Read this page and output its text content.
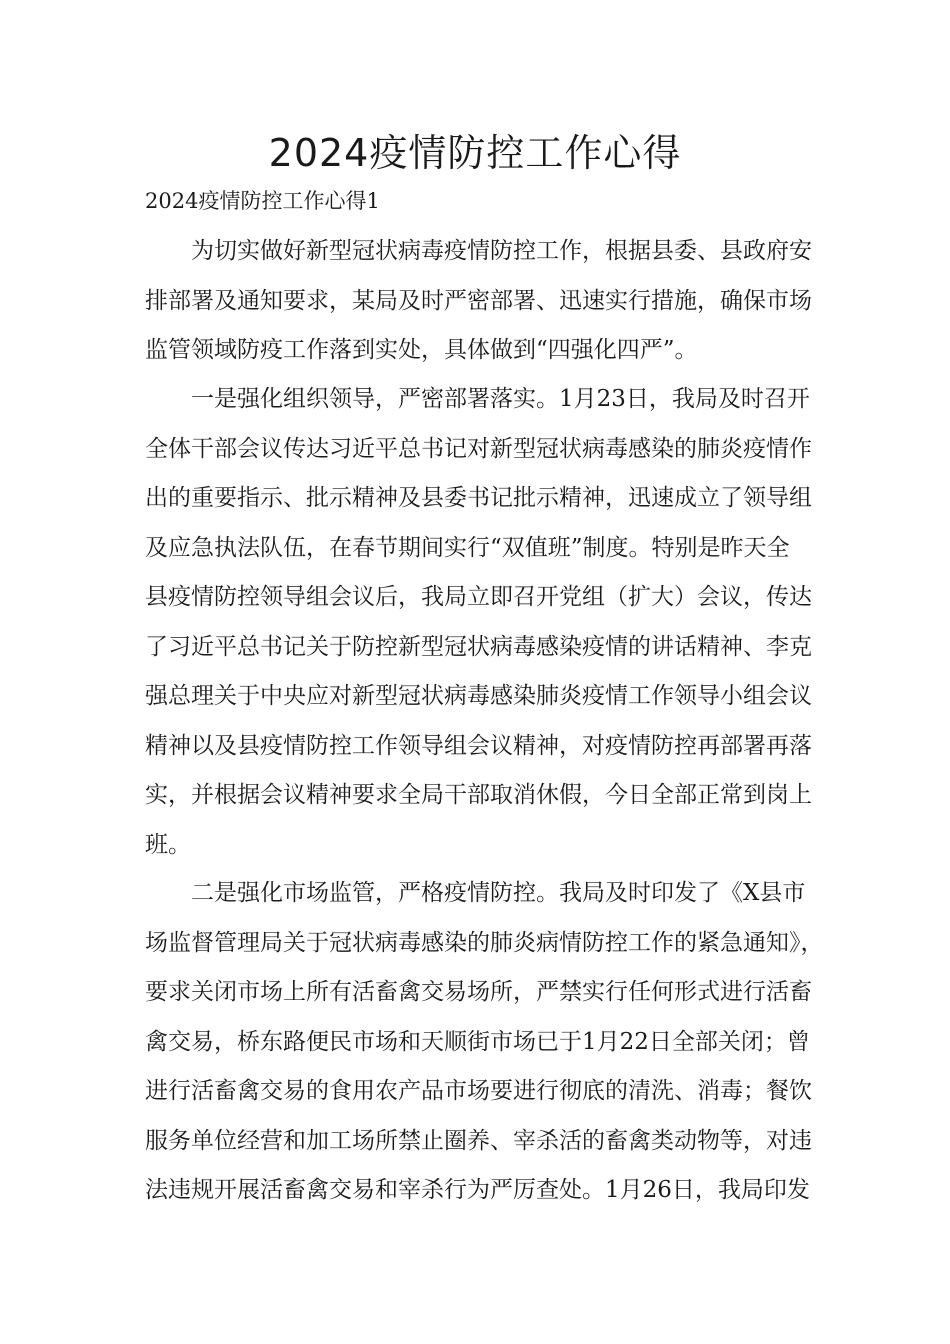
2024疫情防控工作心得

2024疫情防控工作心得1

为切实做好新型冠状病毒疫情防控工作，根据县委、县政府安
排部署及通知要求，某局及时严密部署、迅速实行措施，确保市场
监管领域防疫工作落到实处，具体做到“四强化四严”。
一是强化组织领导，严密部署落实。1月23日，我局及时召开
全体干部会议传达习近平总书记对新型冠状病毒感染的肺炎疫情作
出的重要指示、批示精神及县委书记批示精神，迅速成立了领导组
及应急执法队伍，在春节期间实行“双值班”制度。特别是昨天全
县疫情防控领导组会议后，我局立即召开党组（扩大）会议，传达
了习近平总书记关于防控新型冠状病毒感染疫情的讲话精神、李克
强总理关于中央应对新型冠状病毒感染肺炎疫情工作领导小组会议
精神以及县疫情防控工作领导组会议精神，对疫情防控再部署再落
实，并根据会议精神要求全局干部取消休假，今日全部正常到岗上
班。
二是强化市场监管，严格疫情防控。我局及时印发了《X县市
场监督管理局关于冠状病毒感染的肺炎病情防控工作的紧急通知》，
要求关闭市场上所有活畜禽交易场所，严禁实行任何形式进行活畜
禽交易，桥东路便民市场和天顺街市场已于1月22日全部关闭；曾
进行活畜禽交易的食用农产品市场要进行彻底的清洗、消毒；餐饮
服务单位经营和加工场所禁止圈养、宰杀活的畜禽类动物等，对违
法违规开展活畜禽交易和宰杀行为严厉查处。1月26日，我局印发
